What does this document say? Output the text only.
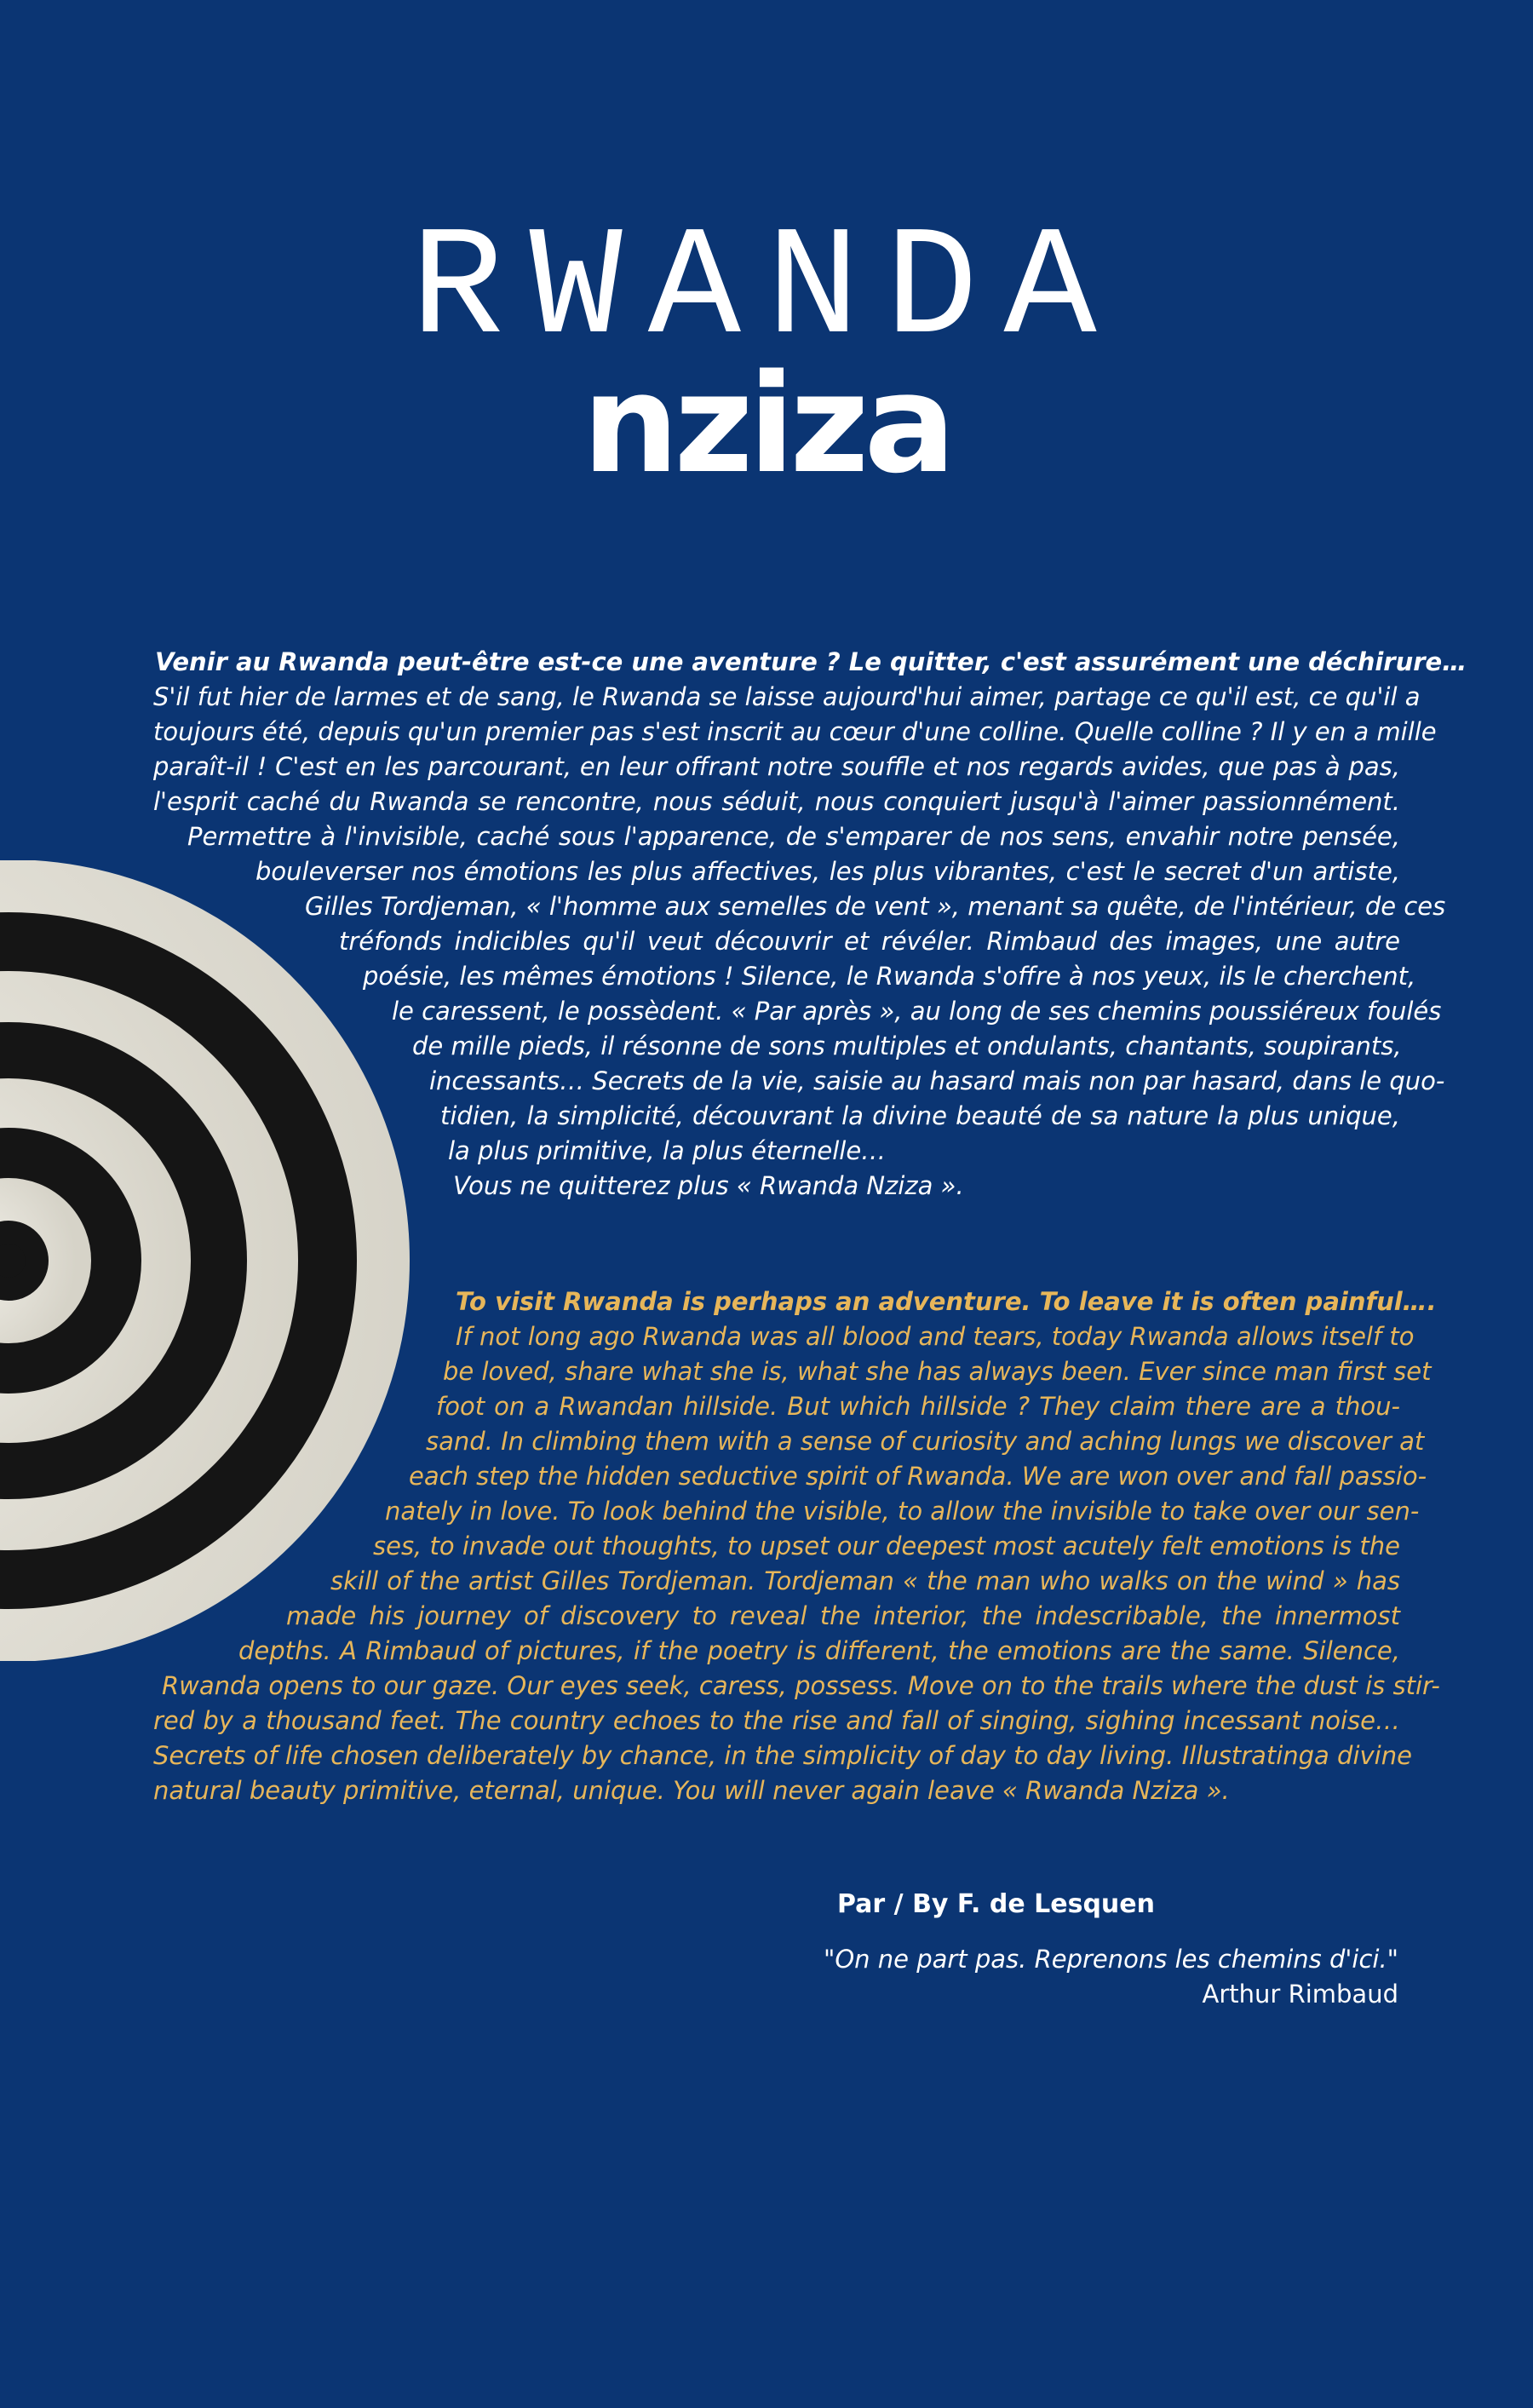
RWANDA
nziza
Venir au Rwanda peut-être est-ce une aventure ? Le quitter, c'est assurément une déchirure…
S'il fut hier de larmes et de sang, le Rwanda se laisse aujourd'hui aimer, partage ce qu'il est, ce qu'il a
toujours été, depuis qu'un premier pas s'est inscrit au cœur d'une colline. Quelle colline ? Il y en a mille
paraît-il ! C'est en les parcourant, en leur offrant notre souffle et nos regards avides, que pas à pas,
l'esprit caché du Rwanda se rencontre, nous séduit, nous conquiert jusqu'à l'aimer passionnément.
Permettre à l'invisible, caché sous l'apparence, de s'emparer de nos sens, envahir notre pensée,
bouleverser nos émotions les plus affectives, les plus vibrantes, c'est le secret d'un artiste,
Gilles Tordjeman, « l'homme aux semelles de vent », menant sa quête, de l'intérieur, de ces
tréfonds indicibles qu'il veut découvrir et révéler. Rimbaud des images, une autre
poésie, les mêmes émotions ! Silence, le Rwanda s'offre à nos yeux, ils le cherchent,
le caressent, le possèdent. « Par après », au long de ses chemins poussiéreux foulés
de mille pieds, il résonne de sons multiples et ondulants, chantants, soupirants,
incessants… Secrets de la vie, saisie au hasard mais non par hasard, dans le quo-
tidien, la simplicité, découvrant la divine beauté de sa nature la plus unique,
la plus primitive, la plus éternelle…
Vous ne quitterez plus « Rwanda Nziza ».
To visit Rwanda is perhaps an adventure. To leave it is often painful….
If not long ago Rwanda was all blood and tears, today Rwanda allows itself to
be loved, share what she is, what she has always been. Ever since man first set
foot on a Rwandan hillside. But which hillside ? They claim there are a thou-
sand. In climbing them with a sense of curiosity and aching lungs we discover at
each step the hidden seductive spirit of Rwanda. We are won over and fall passio-
nately in love. To look behind the visible, to allow the invisible to take over our sen-
ses, to invade out thoughts, to upset our deepest most acutely felt emotions is the
skill of the artist Gilles Tordjeman. Tordjeman « the man who walks on the wind » has
made his journey of discovery to reveal the interior, the indescribable, the innermost
depths. A Rimbaud of pictures, if the poetry is different, the emotions are the same. Silence,
Rwanda opens to our gaze. Our eyes seek, caress, possess. Move on to the trails where the dust is stir-
red by a thousand feet. The country echoes to the rise and fall of singing, sighing incessant noise…
Secrets of life chosen deliberately by chance, in the simplicity of day to day living. Illustratinga divine
natural beauty primitive, eternal, unique. You will never again leave « Rwanda Nziza ».
Par / By F. de Lesquen
"On ne part pas. Reprenons les chemins d'ici."
Arthur Rimbaud
